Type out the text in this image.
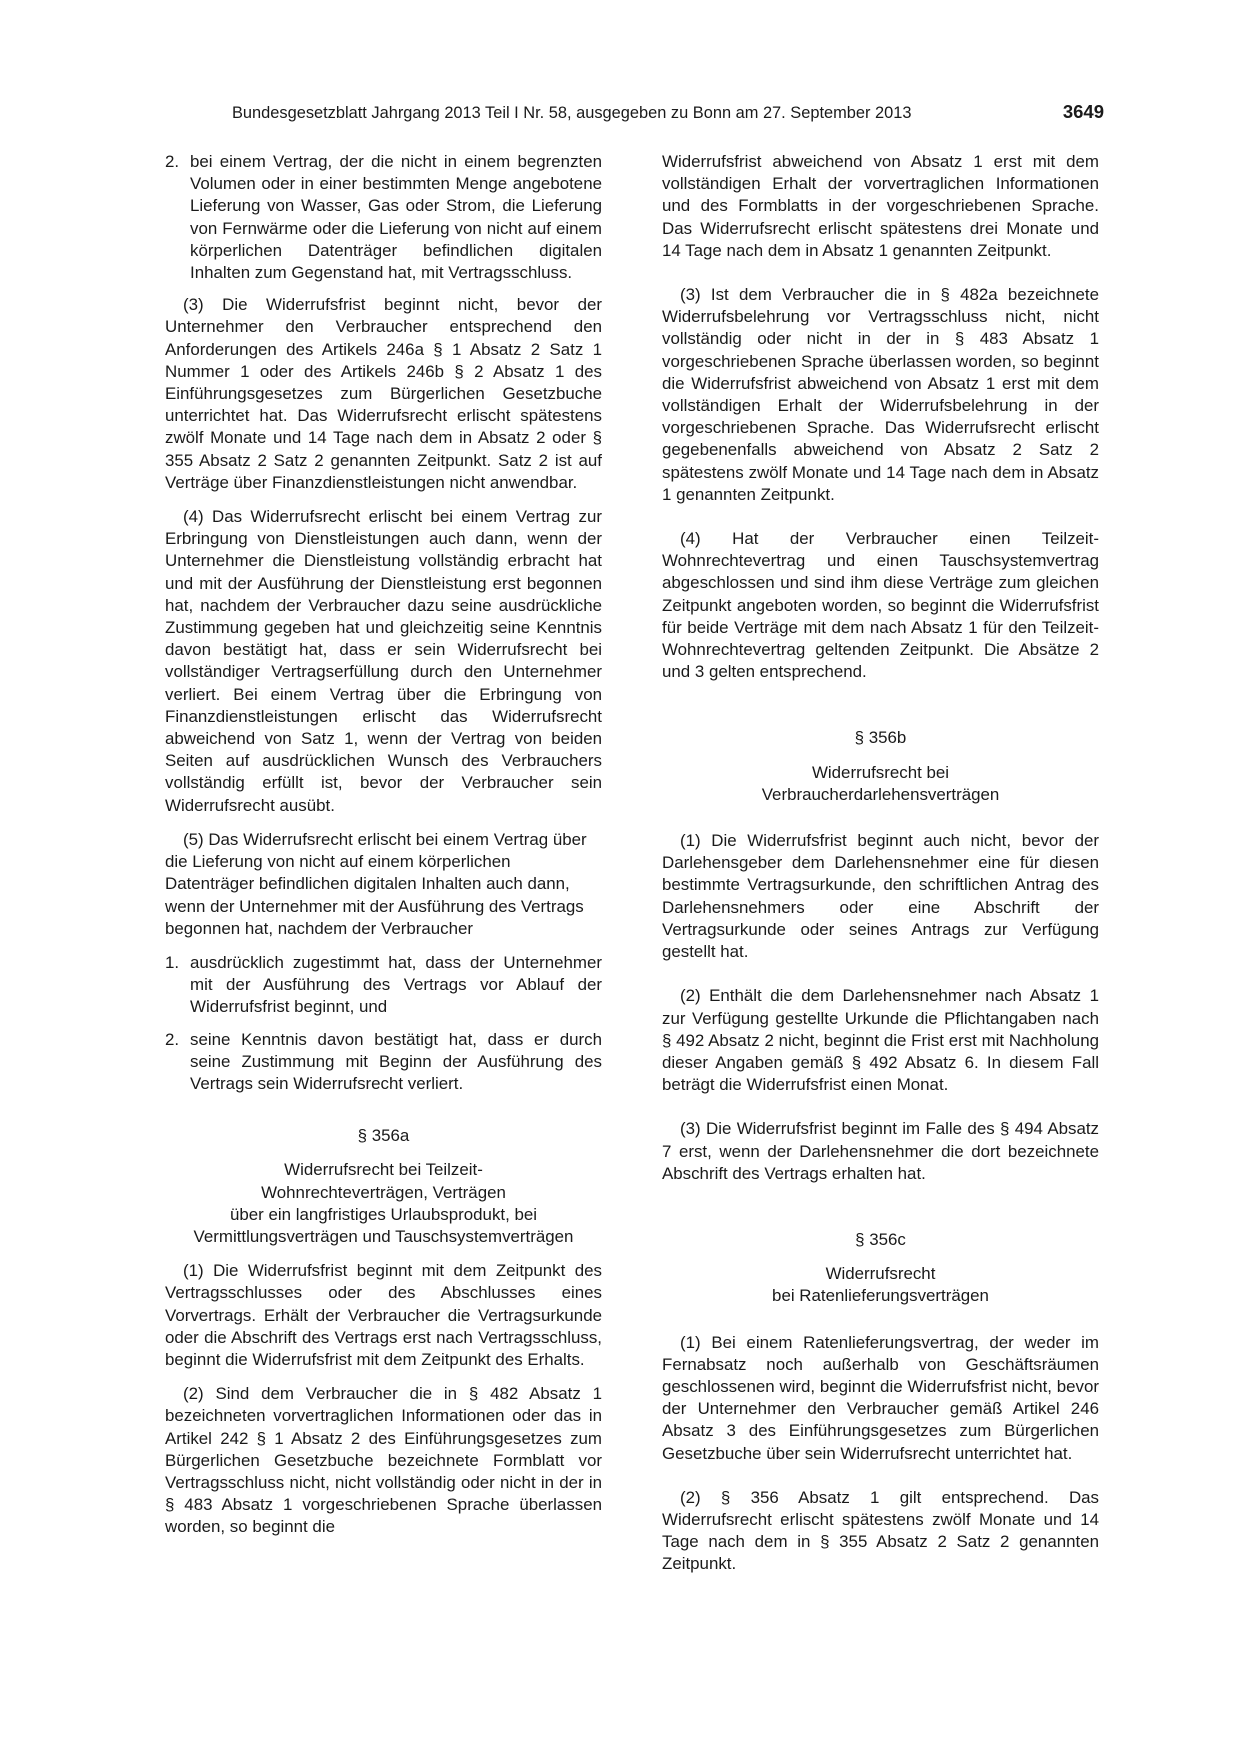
Bundesgesetzblatt Jahrgang 2013 Teil I Nr. 58, ausgegeben zu Bonn am 27. September 2013	3649
2. bei einem Vertrag, der die nicht in einem begrenzten Volumen oder in einer bestimmten Menge angebotene Lieferung von Wasser, Gas oder Strom, die Lieferung von Fernwärme oder die Lieferung von nicht auf einem körperlichen Datenträger befindlichen digitalen Inhalten zum Gegenstand hat, mit Vertragsschluss.

(3) Die Widerrufsfrist beginnt nicht, bevor der Unternehmer den Verbraucher entsprechend den Anforderungen des Artikels 246a § 1 Absatz 2 Satz 1 Nummer 1 oder des Artikels 246b § 2 Absatz 1 des Einführungsgesetzes zum Bürgerlichen Gesetzbuche unterrichtet hat. Das Widerrufsrecht erlischt spätestens zwölf Monate und 14 Tage nach dem in Absatz 2 oder § 355 Absatz 2 Satz 2 genannten Zeitpunkt. Satz 2 ist auf Verträge über Finanzdienstleistungen nicht anwendbar.

(4) Das Widerrufsrecht erlischt bei einem Vertrag zur Erbringung von Dienstleistungen auch dann, wenn der Unternehmer die Dienstleistung vollständig erbracht hat und mit der Ausführung der Dienstleistung erst begonnen hat, nachdem der Verbraucher dazu seine ausdrückliche Zustimmung gegeben hat und gleichzeitig seine Kenntnis davon bestätigt hat, dass er sein Widerrufsrecht bei vollständiger Vertragserfüllung durch den Unternehmer verliert. Bei einem Vertrag über die Erbringung von Finanzdienstleistungen erlischt das Widerrufsrecht abweichend von Satz 1, wenn der Vertrag von beiden Seiten auf ausdrücklichen Wunsch des Verbrauchers vollständig erfüllt ist, bevor der Verbraucher sein Widerrufsrecht ausübt.

(5) Das Widerrufsrecht erlischt bei einem Vertrag über die Lieferung von nicht auf einem körperlichen Datenträger befindlichen digitalen Inhalten auch dann, wenn der Unternehmer mit der Ausführung des Vertrags begonnen hat, nachdem der Verbraucher

1. ausdrücklich zugestimmt hat, dass der Unternehmer mit der Ausführung des Vertrags vor Ablauf der Widerrufsfrist beginnt, und
2. seine Kenntnis davon bestätigt hat, dass er durch seine Zustimmung mit Beginn der Ausführung des Vertrags sein Widerrufsrecht verliert.
§ 356a
Widerrufsrecht bei Teilzeit-
Wohnrechteverträgen, Verträgen
über ein langfristiges Urlaubsprodukt, bei
Vermittlungsverträgen und Tauschsystemverträgen

(1) Die Widerrufsfrist beginnt mit dem Zeitpunkt des Vertragsschlusses oder des Abschlusses eines Vorvertrags. Erhält der Verbraucher die Vertragsurkunde oder die Abschrift des Vertrags erst nach Vertragsschluss, beginnt die Widerrufsfrist mit dem Zeitpunkt des Erhalts.

(2) Sind dem Verbraucher die in § 482 Absatz 1 bezeichneten vorvertraglichen Informationen oder das in Artikel 242 § 1 Absatz 2 des Einführungsgesetzes zum Bürgerlichen Gesetzbuche bezeichnete Formblatt vor Vertragsschluss nicht, nicht vollständig oder nicht in der in § 483 Absatz 1 vorgeschriebenen Sprache überlassen worden, so beginnt die

Widerrufsfrist abweichend von Absatz 1 erst mit dem vollständigen Erhalt der vorvertraglichen Informationen und des Formblatts in der vorgeschriebenen Sprache. Das Widerrufsrecht erlischt spätestens drei Monate und 14 Tage nach dem in Absatz 1 genannten Zeitpunkt.

(3) Ist dem Verbraucher die in § 482a bezeichnete Widerrufsbelehrung vor Vertragsschluss nicht, nicht vollständig oder nicht in der in § 483 Absatz 1 vorgeschriebenen Sprache überlassen worden, so beginnt die Widerrufsfrist abweichend von Absatz 1 erst mit dem vollständigen Erhalt der Widerrufsbelehrung in der vorgeschriebenen Sprache. Das Widerrufsrecht erlischt gegebenenfalls abweichend von Absatz 2 Satz 2 spätestens zwölf Monate und 14 Tage nach dem in Absatz 1 genannten Zeitpunkt.

(4) Hat der Verbraucher einen Teilzeit-Wohnrechtevertrag und einen Tauschsystemvertrag abgeschlossen und sind ihm diese Verträge zum gleichen Zeitpunkt angeboten worden, so beginnt die Widerrufsfrist für beide Verträge mit dem nach Absatz 1 für den Teilzeit-Wohnrechtevertrag geltenden Zeitpunkt. Die Absätze 2 und 3 gelten entsprechend.

§ 356b
Widerrufsrecht bei
Verbraucherdarlehensverträgen

(1) Die Widerrufsfrist beginnt auch nicht, bevor der Darlehensgeber dem Darlehensnehmer eine für diesen bestimmte Vertragsurkunde, den schriftlichen Antrag des Darlehensnehmers oder eine Abschrift der Vertragsurkunde oder seines Antrags zur Verfügung gestellt hat.

(2) Enthält die dem Darlehensnehmer nach Absatz 1 zur Verfügung gestellte Urkunde die Pflichtangaben nach § 492 Absatz 2 nicht, beginnt die Frist erst mit Nachholung dieser Angaben gemäß § 492 Absatz 6. In diesem Fall beträgt die Widerrufsfrist einen Monat.

(3) Die Widerrufsfrist beginnt im Falle des § 494 Absatz 7 erst, wenn der Darlehensnehmer die dort bezeichnete Abschrift des Vertrags erhalten hat.

§ 356c
Widerrufsrecht
bei Ratenlieferungsverträgen

(1) Bei einem Ratenlieferungsvertrag, der weder im Fernabsatz noch außerhalb von Geschäftsräumen geschlossenen wird, beginnt die Widerrufsfrist nicht, bevor der Unternehmer den Verbraucher gemäß Artikel 246 Absatz 3 des Einführungsgesetzes zum Bürgerlichen Gesetzbuche über sein Widerrufsrecht unterrichtet hat.

(2) § 356 Absatz 1 gilt entsprechend. Das Widerrufsrecht erlischt spätestens zwölf Monate und 14 Tage nach dem in § 355 Absatz 2 Satz 2 genannten Zeitpunkt.
